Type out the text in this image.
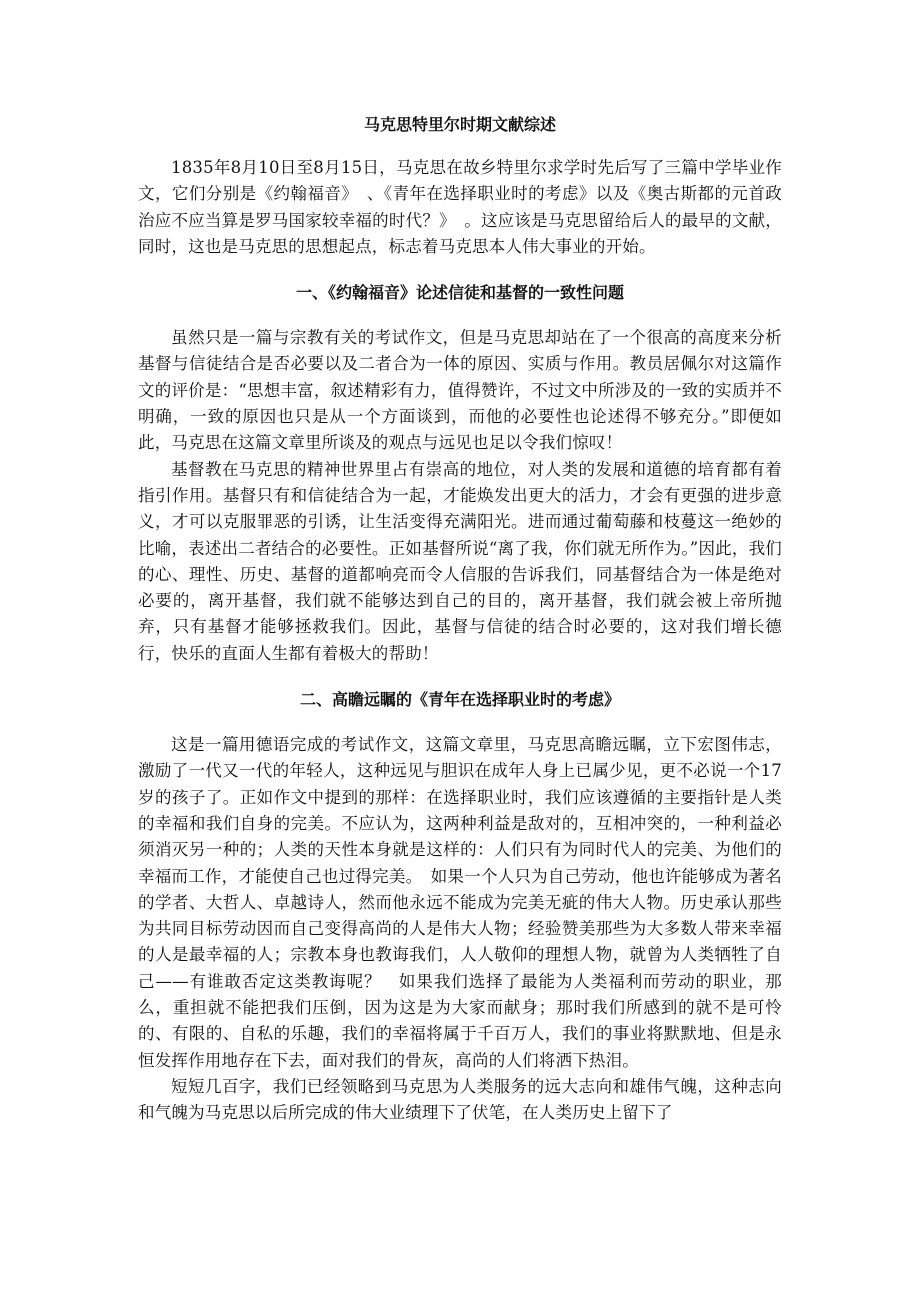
马克思特里尔时期文献综述

1835年8月10日至8月15日，马克思在故乡特里尔求学时先后写了三篇中学毕业作文，它们分别是《约翰福音》　、《青年在选择职业时的考虑》以及《奥古斯都的元首政治应不应当算是罗马国家较幸福的时代？》　。这应该是马克思留给后人的最早的文献，同时，这也是马克思的思想起点，标志着马克思本人伟大事业的开始。

一、《约翰福音》论述信徒和基督的一致性问题

虽然只是一篇与宗教有关的考试作文，但是马克思却站在了一个很高的高度来分析基督与信徒结合是否必要以及二者合为一体的原因、实质与作用。教员居佩尔对这篇作文的评价是：“思想丰富，叙述精彩有力，值得赞许，不过文中所涉及的一致的实质并不明确，一致的原因也只是从一个方面谈到，而他的必要性也论述得不够充分。”即便如此，马克思在这篇文章里所谈及的观点与远见也足以令我们惊叹！

基督教在马克思的精神世界里占有崇高的地位，对人类的发展和道德的培育都有着指引作用。基督只有和信徒结合为一起，才能焕发出更大的活力，才会有更强的进步意义，才可以克服罪恶的引诱，让生活变得充满阳光。进而通过葡萄藤和枝蔓这一绝妙的比喻，表述出二者结合的必要性。正如基督所说“离了我，你们就无所作为。”因此，我们的心、理性、历史、基督的道都响亮而令人信服的告诉我们，同基督结合为一体是绝对必要的，离开基督，我们就不能够达到自己的目的，离开基督，我们就会被上帝所抛弃，只有基督才能够拯救我们。因此，基督与信徒的结合时必要的，这对我们增长德行，快乐的直面人生都有着极大的帮助！

二、高瞻远瞩的《青年在选择职业时的考虑》

这是一篇用德语完成的考试作文，这篇文章里，马克思高瞻远瞩，立下宏图伟志，激励了一代又一代的年轻人，这种远见与胆识在成年人身上已属少见，更不必说一个17岁的孩子了。正如作文中提到的那样：在选择职业时，我们应该遵循的主要指针是人类的幸福和我们自身的完美。不应认为，这两种利益是敌对的，互相冲突的，一种利益必须消灭另一种的；人类的天性本身就是这样的：人们只有为同时代人的完美、为他们的幸福而工作，才能使自己也过得完美。　如果一个人只为自己劳动，他也许能够成为著名的学者、大哲人、卓越诗人，然而他永远不能成为完美无疵的伟大人物。历史承认那些为共同目标劳动因而自己变得高尚的人是伟大人物；经验赞美那些为大多数人带来幸福的人是最幸福的人；宗教本身也教诲我们，人人敬仰的理想人物，就曾为人类牺牲了自己——有谁敢否定这类教诲呢？　如果我们选择了最能为人类福利而劳动的职业，那么，重担就不能把我们压倒，因为这是为大家而献身；那时我们所感到的就不是可怜的、有限的、自私的乐趣，我们的幸福将属于千百万人，我们的事业将默默地、但是永恒发挥作用地存在下去，面对我们的骨灰，高尚的人们将洒下热泪。

短短几百字，我们已经领略到马克思为人类服务的远大志向和雄伟气魄，这种志向和气魄为马克思以后所完成的伟大业绩理下了伏笔，在人类历史上留下了
